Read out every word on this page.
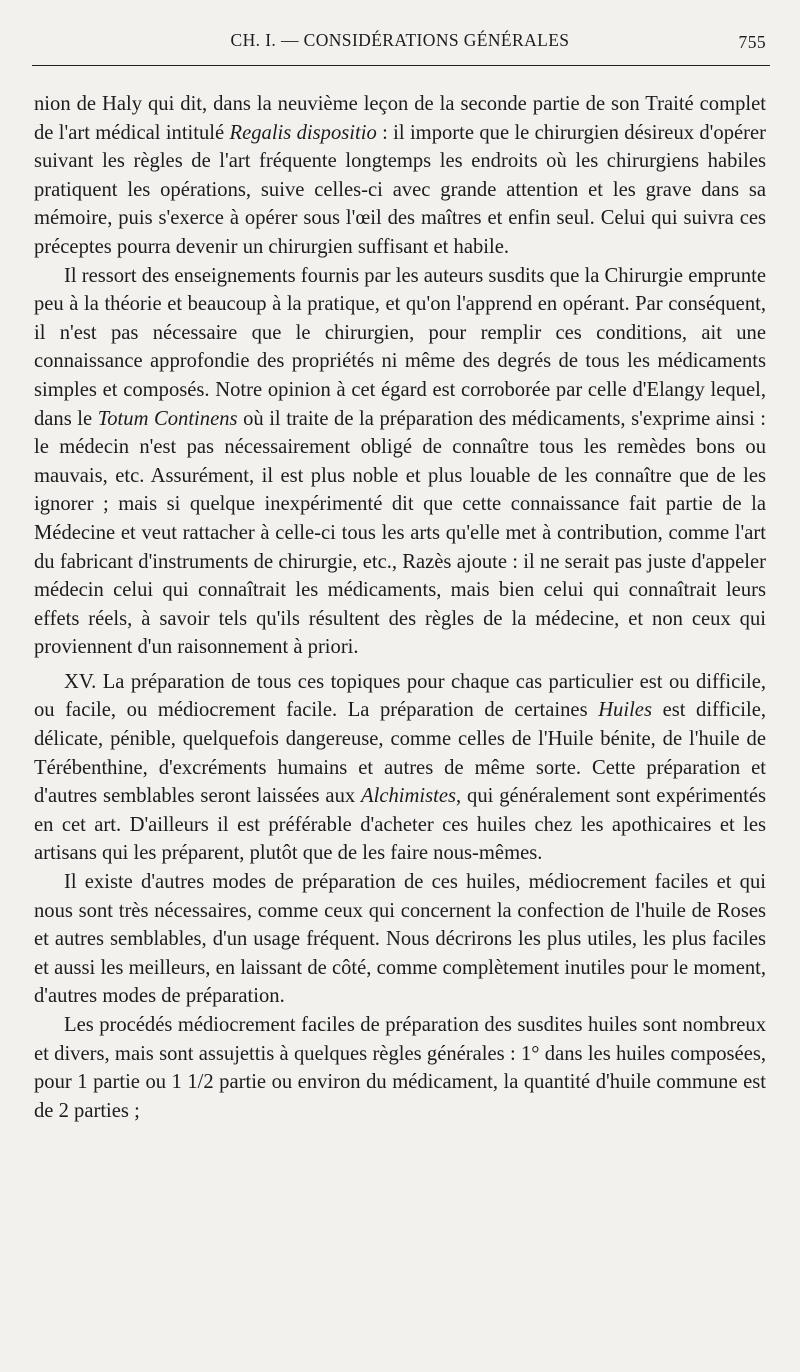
CH. I. — CONSIDÉRATIONS GÉNÉRALES	755

nion de Haly qui dit, dans la neuvième leçon de la seconde partie de son Traité complet de l'art médical intitulé Regalis dispositio : il importe que le chirurgien désireux d'opérer suivant les règles de l'art fréquente longtemps les endroits où les chirurgiens habiles pratiquent les opérations, suive celles-ci avec grande attention et les grave dans sa mémoire, puis s'exerce à opérer sous l'œil des maîtres et enfin seul. Celui qui suivra ces préceptes pourra devenir un chirurgien suffisant et habile.

Il ressort des enseignements fournis par les auteurs susdits que la Chirurgie emprunte peu à la théorie et beaucoup à la pratique, et qu'on l'apprend en opérant. Par conséquent, il n'est pas nécessaire que le chirurgien, pour remplir ces conditions, ait une connaissance approfondie des propriétés ni même des degrés de tous les médicaments simples et composés. Notre opinion à cet égard est corroborée par celle d'Elangy lequel, dans le Totum Continens où il traite de la préparation des médicaments, s'exprime ainsi : le médecin n'est pas nécessairement obligé de connaître tous les remèdes bons ou mauvais, etc. Assurément, il est plus noble et plus louable de les connaître que de les ignorer ; mais si quelque inexpérimenté dit que cette connaissance fait partie de la Médecine et veut rattacher à celle-ci tous les arts qu'elle met à contribution, comme l'art du fabricant d'instruments de chirurgie, etc., Razès ajoute : il ne serait pas juste d'appeler médecin celui qui connaîtrait les médicaments, mais bien celui qui connaîtrait leurs effets réels, à savoir tels qu'ils résultent des règles de la médecine, et non ceux qui proviennent d'un raisonnement à priori.

XV. La préparation de tous ces topiques pour chaque cas particulier est ou difficile, ou facile, ou médiocrement facile. La préparation de certaines Huiles est difficile, délicate, pénible, quelquefois dangereuse, comme celles de l'Huile bénite, de l'huile de Térébenthine, d'excréments humains et autres de même sorte. Cette préparation et d'autres semblables seront laissées aux Alchimistes, qui généralement sont expérimentés en cet art. D'ailleurs il est préférable d'acheter ces huiles chez les apothicaires et les artisans qui les préparent, plutôt que de les faire nous-mêmes.

Il existe d'autres modes de préparation de ces huiles, médiocrement faciles et qui nous sont très nécessaires, comme ceux qui concernent la confection de l'huile de Roses et autres semblables, d'un usage fréquent. Nous décrirons les plus utiles, les plus faciles et aussi les meilleurs, en laissant de côté, comme complètement inutiles pour le moment, d'autres modes de préparation.

Les procédés médiocrement faciles de préparation des susdites huiles sont nombreux et divers, mais sont assujettis à quelques règles générales : 1° dans les huiles composées, pour 1 partie ou 1 1/2 partie ou environ du médicament, la quantité d'huile commune est de 2 parties ;
